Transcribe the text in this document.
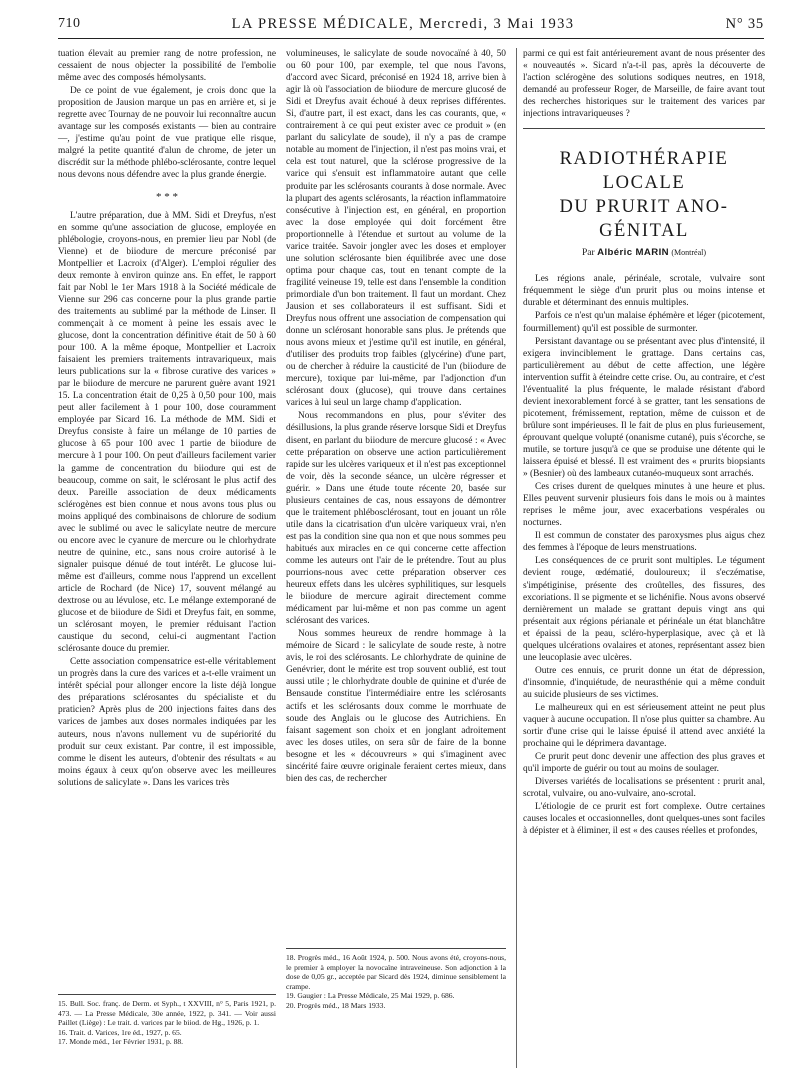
710	LA PRESSE MÉDICALE, Mercredi, 3 Mai 1933	N° 35

tuation élevait au premier rang de notre profession, ne cessaient de nous objecter la possibilité de l'embolie même avec des composés hémolysants.

De ce point de vue également, je crois donc que la proposition de Jausion marque un pas en arrière et, si je regrette avec Tournay de ne pouvoir lui reconnaître aucun avantage sur les composés existants — bien au contraire —, j'estime qu'au point de vue pratique elle risque, malgré la petite quantité d'alun de chrome, de jeter un discrédit sur la méthode phlébo-sclérosante, contre lequel nous devons nous défendre avec la plus grande énergie.

* * *

L'autre préparation, due à MM. Sidi et Dreyfus, n'est en somme qu'une association de glucose, employée en phlébologie, croyons-nous, en premier lieu par Nobl (de Vienne) et de biiodure de mercure préconisé par Montpellier et Lacroix (d'Alger). L'emploi régulier des deux remonte à environ quinze ans. En effet, le rapport fait par Nobl le 1er Mars 1918 à la Société médicale de Vienne sur 296 cas concerne pour la plus grande partie des traitements au sublimé par la méthode de Linser. Il commençait à ce moment à peine les essais avec le glucose, dont la concentration définitive était de 50 à 60 pour 100. A la même époque, Montpellier et Lacroix faisaient les premiers traitements intravariqueux, mais leurs publications sur la « fibrose curative des varices » par le biiodure de mercure ne parurent guère avant 1921 15. La concentration était de 0,25 à 0,50 pour 100, mais peut aller facilement à 1 pour 100, dose couramment employée par Sicard 16. La méthode de MM. Sidi et Dreyfus consiste à faire un mélange de 10 parties de glucose à 65 pour 100 avec 1 partie de biiodure de mercure à 1 pour 100. On peut d'ailleurs facilement varier la gamme de concentration du biiodure qui est de beaucoup, comme on sait, le sclérosant le plus actif des deux. Pareille association de deux médicaments sclérogènes est bien connue et nous avons tous plus ou moins appliqué des combinaisons de chlorure de sodium avec le sublimé ou avec le salicylate neutre de mercure ou encore avec le cyanure de mercure ou le chlorhydrate neutre de quinine, etc., sans nous croire autorisé à le signaler puisque dénué de tout intérêt. Le glucose lui-même est d'ailleurs, comme nous l'apprend un excellent article de Rochard (de Nice) 17, souvent mélangé au dextrose ou au lévulose, etc. Le mélange extemporané de glucose et de biiodure de Sidi et Dreyfus fait, en somme, un sclérosant moyen, le premier réduisant l'action caustique du second, celui-ci augmentant l'action sclérosante douce du premier.

Cette association compensatrice est-elle véritablement un progrès dans la cure des varices et a-t-elle vraiment un intérêt spécial pour allonger encore la liste déjà longue des préparations sclérosantes du spécialiste et du praticien? Après plus de 200 injections faites dans des varices de jambes aux doses normales indiquées par les auteurs, nous n'avons nullement vu de supériorité du produit sur ceux existant. Par contre, il est impossible, comme le disent les auteurs, d'obtenir des résultats « au moins égaux à ceux qu'on observe avec les meilleures solutions de salicylate ». Dans les varices très

15. Bull. Soc. franç. de Derm. et Syph., t XXVIII, n° 5, Paris 1921, p. 473. — La Presse Médicale, 30e année, 1922, p. 341. — Voir aussi Paillet (Liège) : Le trait. d. varices par le biiod. de Hg., 1926, p. 1.
16. Trait. d. Varices, 1re éd., 1927, p. 65.
17. Monde méd., 1er Février 1931, p. 88.

volumineuses, le salicylate de soude novocaïné à 40, 50 ou 60 pour 100, par exemple, tel que nous l'avons, d'accord avec Sicard, préconisé en 1924 18, arrive bien à agir là où l'association de biiodure de mercure glucosé de Sidi et Dreyfus avait échoué à deux reprises différentes. Si, d'autre part, il est exact, dans les cas courants, que, « contrairement à ce qui peut exister avec ce produit » (en parlant du salicylate de soude), il n'y a pas de crampe notable au moment de l'injection, il n'est pas moins vrai, et cela est tout naturel, que la sclérose progressive de la varice qui s'ensuit est inflammatoire autant que celle produite par les sclérosants courants à dose normale. Avec la plupart des agents sclérosants, la réaction inflammatoire consécutive à l'injection est, en général, en proportion avec la dose employée qui doit forcément être proportionnelle à l'étendue et surtout au volume de la varice traitée. Savoir jongler avec les doses et employer une solution sclérosante bien équilibrée avec une dose optima pour chaque cas, tout en tenant compte de la fragilité veineuse 19, telle est dans l'ensemble la condition primordiale d'un bon traitement. Il faut un mordant. Chez Jausion et ses collaborateurs il est suffisant. Sidi et Dreyfus nous offrent une association de compensation qui donne un sclérosant honorable sans plus. Je prétends que nous avons mieux et j'estime qu'il est inutile, en général, d'utiliser des produits trop faibles (glycérine) d'une part, ou de chercher à réduire la causticité de l'un (biiodure de mercure), toxique par lui-même, par l'adjonction d'un sclérosant doux (glucose), qui trouve dans certaines varices à lui seul un large champ d'application.

Nous recommandons en plus, pour s'éviter des désillusions, la plus grande réserve lorsque Sidi et Dreyfus disent, en parlant du biiodure de mercure glucosé : « Avec cette préparation on observe une action particulièrement rapide sur les ulcères variqueux et il n'est pas exceptionnel de voir, dès la seconde séance, un ulcère régresser et guérir. » Dans une étude toute récente 20, basée sur plusieurs centaines de cas, nous essayons de démontrer que le traitement phlébosclérosant, tout en jouant un rôle utile dans la cicatrisation d'un ulcère variqueux vrai, n'en est pas la condition sine qua non et que nous sommes peu habitués aux miracles en ce qui concerne cette affection comme les auteurs ont l'air de le prétendre. Tout au plus pourrions-nous avec cette préparation observer ces heureux effets dans les ulcères syphilitiques, sur lesquels le biiodure de mercure agirait directement comme médicament par lui-même et non pas comme un agent sclérosant des varices.

Nous sommes heureux de rendre hommage à la mémoire de Sicard : le salicylate de soude reste, à notre avis, le roi des sclérosants. Le chlorhydrate de quinine de Genévrier, dont le mérite est trop souvent oublié, est tout aussi utile ; le chlorhydrate double de quinine et d'urée de Bensaude constitue l'intermédiaire entre les sclérosants actifs et les sclérosants doux comme le morrhuate de soude des Anglais ou le glucose des Autrichiens. En faisant sagement son choix et en jonglant adroitement avec les doses utiles, on sera sûr de faire de la bonne besogne et les « découvreurs » qui s'imaginent avec sincérité faire œuvre originale feraient certes mieux, dans bien des cas, de rechercher

18. Progrès méd., 16 Août 1924, p. 500. Nous avons été, croyons-nous, le premier à employer la novocaïne intraveineuse. Son adjonction à la dose de 0,05 gr., acceptée par Sicard dès 1924, diminue sensiblement la crampe.
19. Gaugier : La Presse Médicale, 25 Mai 1929, p. 686.
20. Progrès méd., 18 Mars 1933.

parmi ce qui est fait antérieurement avant de nous présenter des « nouveautés ». Sicard n'a-t-il pas, après la découverte de l'action sclérogène des solutions sodiques neutres, en 1918, demandé au professeur Roger, de Marseille, de faire avant tout des recherches historiques sur le traitement des varices par injections intravariqueuses ?

RADIOTHÉRAPIE LOCALE
DU PRURIT ANO-GÉNITAL
Par Albéric MARIN (Montréal)

Les régions anale, périnéale, scrotale, vulvaire sont fréquemment le siège d'un prurit plus ou moins intense et durable et déterminant des ennuis multiples.

Parfois ce n'est qu'un malaise éphémère et léger (picotement, fourmillement) qu'il est possible de surmonter.

Persistant davantage ou se présentant avec plus d'intensité, il exigera invinciblement le grattage. Dans certains cas, particulièrement au début de cette affection, une légère intervention suffit à éteindre cette crise. Ou, au contraire, et c'est l'éventualité la plus fréquente, le malade résistant d'abord devient inexorablement forcé à se gratter, tant les sensations de picotement, frémissement, reptation, même de cuisson et de brûlure sont impérieuses. Il le fait de plus en plus furieusement, éprouvant quelque volupté (onanisme cutané), puis s'écorche, se mutile, se torture jusqu'à ce que se produise une détente qui le laissera épuisé et blessé. Il est vraiment des « prurits biopsiants » (Besnier) où des lambeaux cutanéo-muqueux sont arrachés.

Ces crises durent de quelques minutes à une heure et plus. Elles peuvent survenir plusieurs fois dans le mois ou à maintes reprises le même jour, avec exacerbations vespérales ou nocturnes.

Il est commun de constater des paroxysmes plus aigus chez des femmes à l'époque de leurs menstruations.

Les conséquences de ce prurit sont multiples. Le tégument devient rouge, œdématié, douloureux; il s'eczématise, s'impétiginise, présente des croûtelles, des fissures, des excoriations. Il se pigmente et se lichénifie. Nous avons observé dernièrement un malade se grattant depuis vingt ans qui présentait aux régions périanale et périnéale un état blanchâtre et épaissi de la peau, scléro-hyperplasique, avec çà et là quelques ulcérations ovalaires et atones, représentant assez bien une leucoplasie avec ulcères.

Outre ces ennuis, ce prurit donne un état de dépression, d'insomnie, d'inquiétude, de neurasthénie qui a même conduit au suicide plusieurs de ses victimes.

Le malheureux qui en est sérieusement atteint ne peut plus vaquer à aucune occupation. Il n'ose plus quitter sa chambre. Au sortir d'une crise qui le laisse épuisé il attend avec anxiété la prochaine qui le déprimera davantage.

Ce prurit peut donc devenir une affection des plus graves et qu'il importe de guérir ou tout au moins de soulager.

Diverses variétés de localisations se présentent : prurit anal, scrotal, vulvaire, ou ano-vulvaire, ano-scrotal.

L'étiologie de ce prurit est fort complexe. Outre certaines causes locales et occasionnelles, dont quelques-unes sont faciles à dépister et à éliminer, il est « des causes réelles et profondes,
